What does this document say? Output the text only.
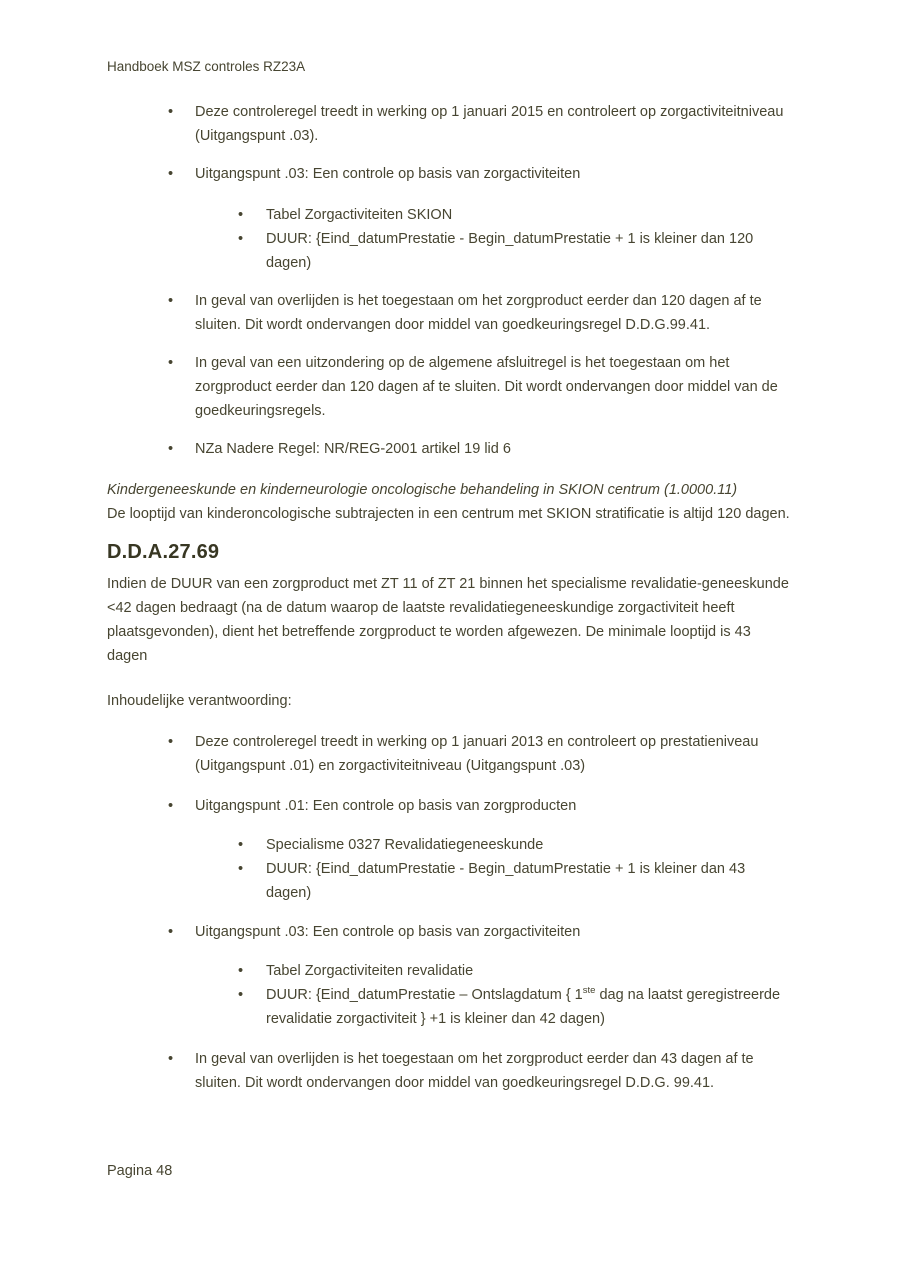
Handboek MSZ controles RZ23A
•
Deze controleregel treedt in werking op 1 januari 2015 en controleert op zorgactiviteitniveau (Uitgangspunt .03).
•
Uitgangspunt .03: Een controle op basis van zorgactiviteiten
•
Tabel Zorgactiviteiten SKION
•
DUUR: {Eind_datumPrestatie - Begin_datumPrestatie + 1 is kleiner dan 120 dagen)
•
In geval van overlijden is het toegestaan om het zorgproduct eerder dan 120 dagen af te sluiten. Dit wordt ondervangen door middel van goedkeuringsregel D.D.G.99.41.
•
In geval van een uitzondering op de algemene afsluitregel is het toegestaan om het zorgproduct eerder dan 120 dagen af te sluiten. Dit wordt ondervangen door middel van de goedkeuringsregels.
•
NZa Nadere Regel: NR/REG-2001 artikel 19 lid 6
Kindergeneeskunde en kinderneurologie oncologische behandeling in SKION centrum (1.0000.11)
De looptijd van kinderoncologische subtrajecten in een centrum met SKION stratificatie is altijd 120 dagen.
D.D.A.27.69
Indien de DUUR van een zorgproduct met ZT 11 of ZT 21 binnen het specialisme revalidatie-geneeskunde <42 dagen bedraagt (na de datum waarop de laatste revalidatiegeneeskundige zorgactiviteit heeft plaatsgevonden), dient het betreffende zorgproduct te worden afgewezen. De minimale looptijd is 43 dagen
Inhoudelijke verantwoording:
•
Deze controleregel treedt in werking op 1 januari 2013 en controleert op prestatieniveau (Uitgangspunt .01) en zorgactiviteitniveau (Uitgangspunt .03)
•
Uitgangspunt .01: Een controle op basis van zorgproducten
•
Specialisme 0327 Revalidatiegeneeskunde
•
DUUR: {Eind_datumPrestatie - Begin_datumPrestatie + 1 is kleiner dan 43 dagen)
•
Uitgangspunt .03: Een controle op basis van zorgactiviteiten
•
Tabel Zorgactiviteiten revalidatie
•
DUUR: {Eind_datumPrestatie – Ontslagdatum { 1ste dag na laatst geregistreerde revalidatie zorgactiviteit } +1 is kleiner dan 42 dagen)
•
In geval van overlijden is het toegestaan om het zorgproduct eerder dan 43 dagen af te sluiten. Dit wordt ondervangen door middel van goedkeuringsregel D.D.G. 99.41.
Pagina 48
